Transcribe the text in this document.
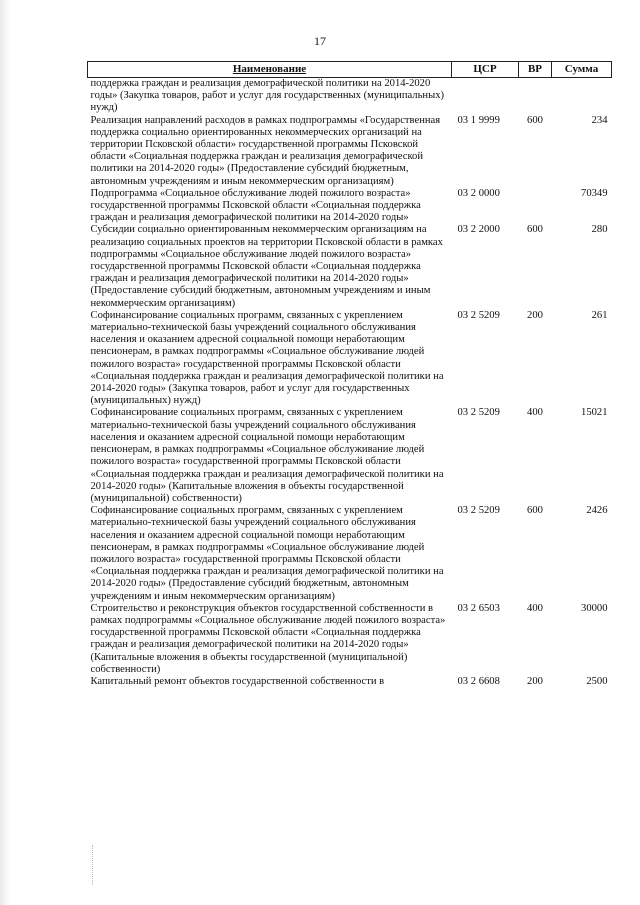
17
Наименование	ЦСР	ВР	Сумма
поддержка граждан и реализация демографической политики на 2014-2020 годы» (Закупка товаров, работ и услуг для государственных (муниципальных) нужд)			
Реализация направлений расходов в рамках подпрограммы «Государственная поддержка социально ориентированных некоммерческих организаций на территории Псковской области» государственной программы Псковской области «Социальная поддержка граждан и реализация демографической политики на 2014-2020 годы» (Предоставление субсидий бюджетным, автономным учреждениям и иным некоммерческим организациям)	03 1 9999	600	234
Подпрограмма «Социальное обслуживание людей пожилого возраста» государственной программы Псковской области «Социальная поддержка граждан и реализация демографической политики на 2014-2020 годы»	03 2 0000		70349
Субсидии социально ориентированным некоммерческим организациям на реализацию социальных проектов на территории Псковской области в рамках подпрограммы «Социальное обслуживание людей пожилого возраста» государственной программы Псковской области «Социальная поддержка граждан и реализация демографической политики на 2014-2020 годы» (Предоставление субсидий бюджетным, автономным учреждениям и иным некоммерческим организациям)	03 2 2000	600	280
Софинансирование социальных программ, связанных с укреплением материально-технической базы учреждений социального обслуживания населения и оказанием адресной социальной помощи неработающим пенсионерам, в рамках подпрограммы «Социальное обслуживание людей пожилого возраста» государственной программы Псковской области «Социальная поддержка граждан и реализация демографической политики на 2014-2020 годы» (Закупка товаров, работ и услуг для государственных (муниципальных) нужд)	03 2 5209	200	261
Софинансирование социальных программ, связанных с укреплением материально-технической базы учреждений социального обслуживания населения и оказанием адресной социальной помощи неработающим пенсионерам, в рамках подпрограммы «Социальное обслуживание людей пожилого возраста» государственной программы Псковской области «Социальная поддержка граждан и реализация демографической политики на 2014-2020 годы» (Капитальные вложения в объекты государственной (муниципальной) собственности)	03 2 5209	400	15021
Софинансирование социальных программ, связанных с укреплением материально-технической базы учреждений социального обслуживания населения и оказанием адресной социальной помощи неработающим пенсионерам, в рамках подпрограммы «Социальное обслуживание людей пожилого возраста» государственной программы Псковской области «Социальная поддержка граждан и реализация демографической политики на 2014-2020 годы» (Предоставление субсидий бюджетным, автономным учреждениям и иным некоммерческим организациям)	03 2 5209	600	2426
Строительство и реконструкция объектов государственной собственности в рамках подпрограммы «Социальное обслуживание людей пожилого возраста» государственной программы Псковской области «Социальная поддержка граждан и реализация демографической политики на 2014-2020 годы» (Капитальные вложения в объекты государственной (муниципальной) собственности)	03 2 6503	400	30000
Капитальный ремонт объектов государственной собственности в	03 2 6608	200	2500
